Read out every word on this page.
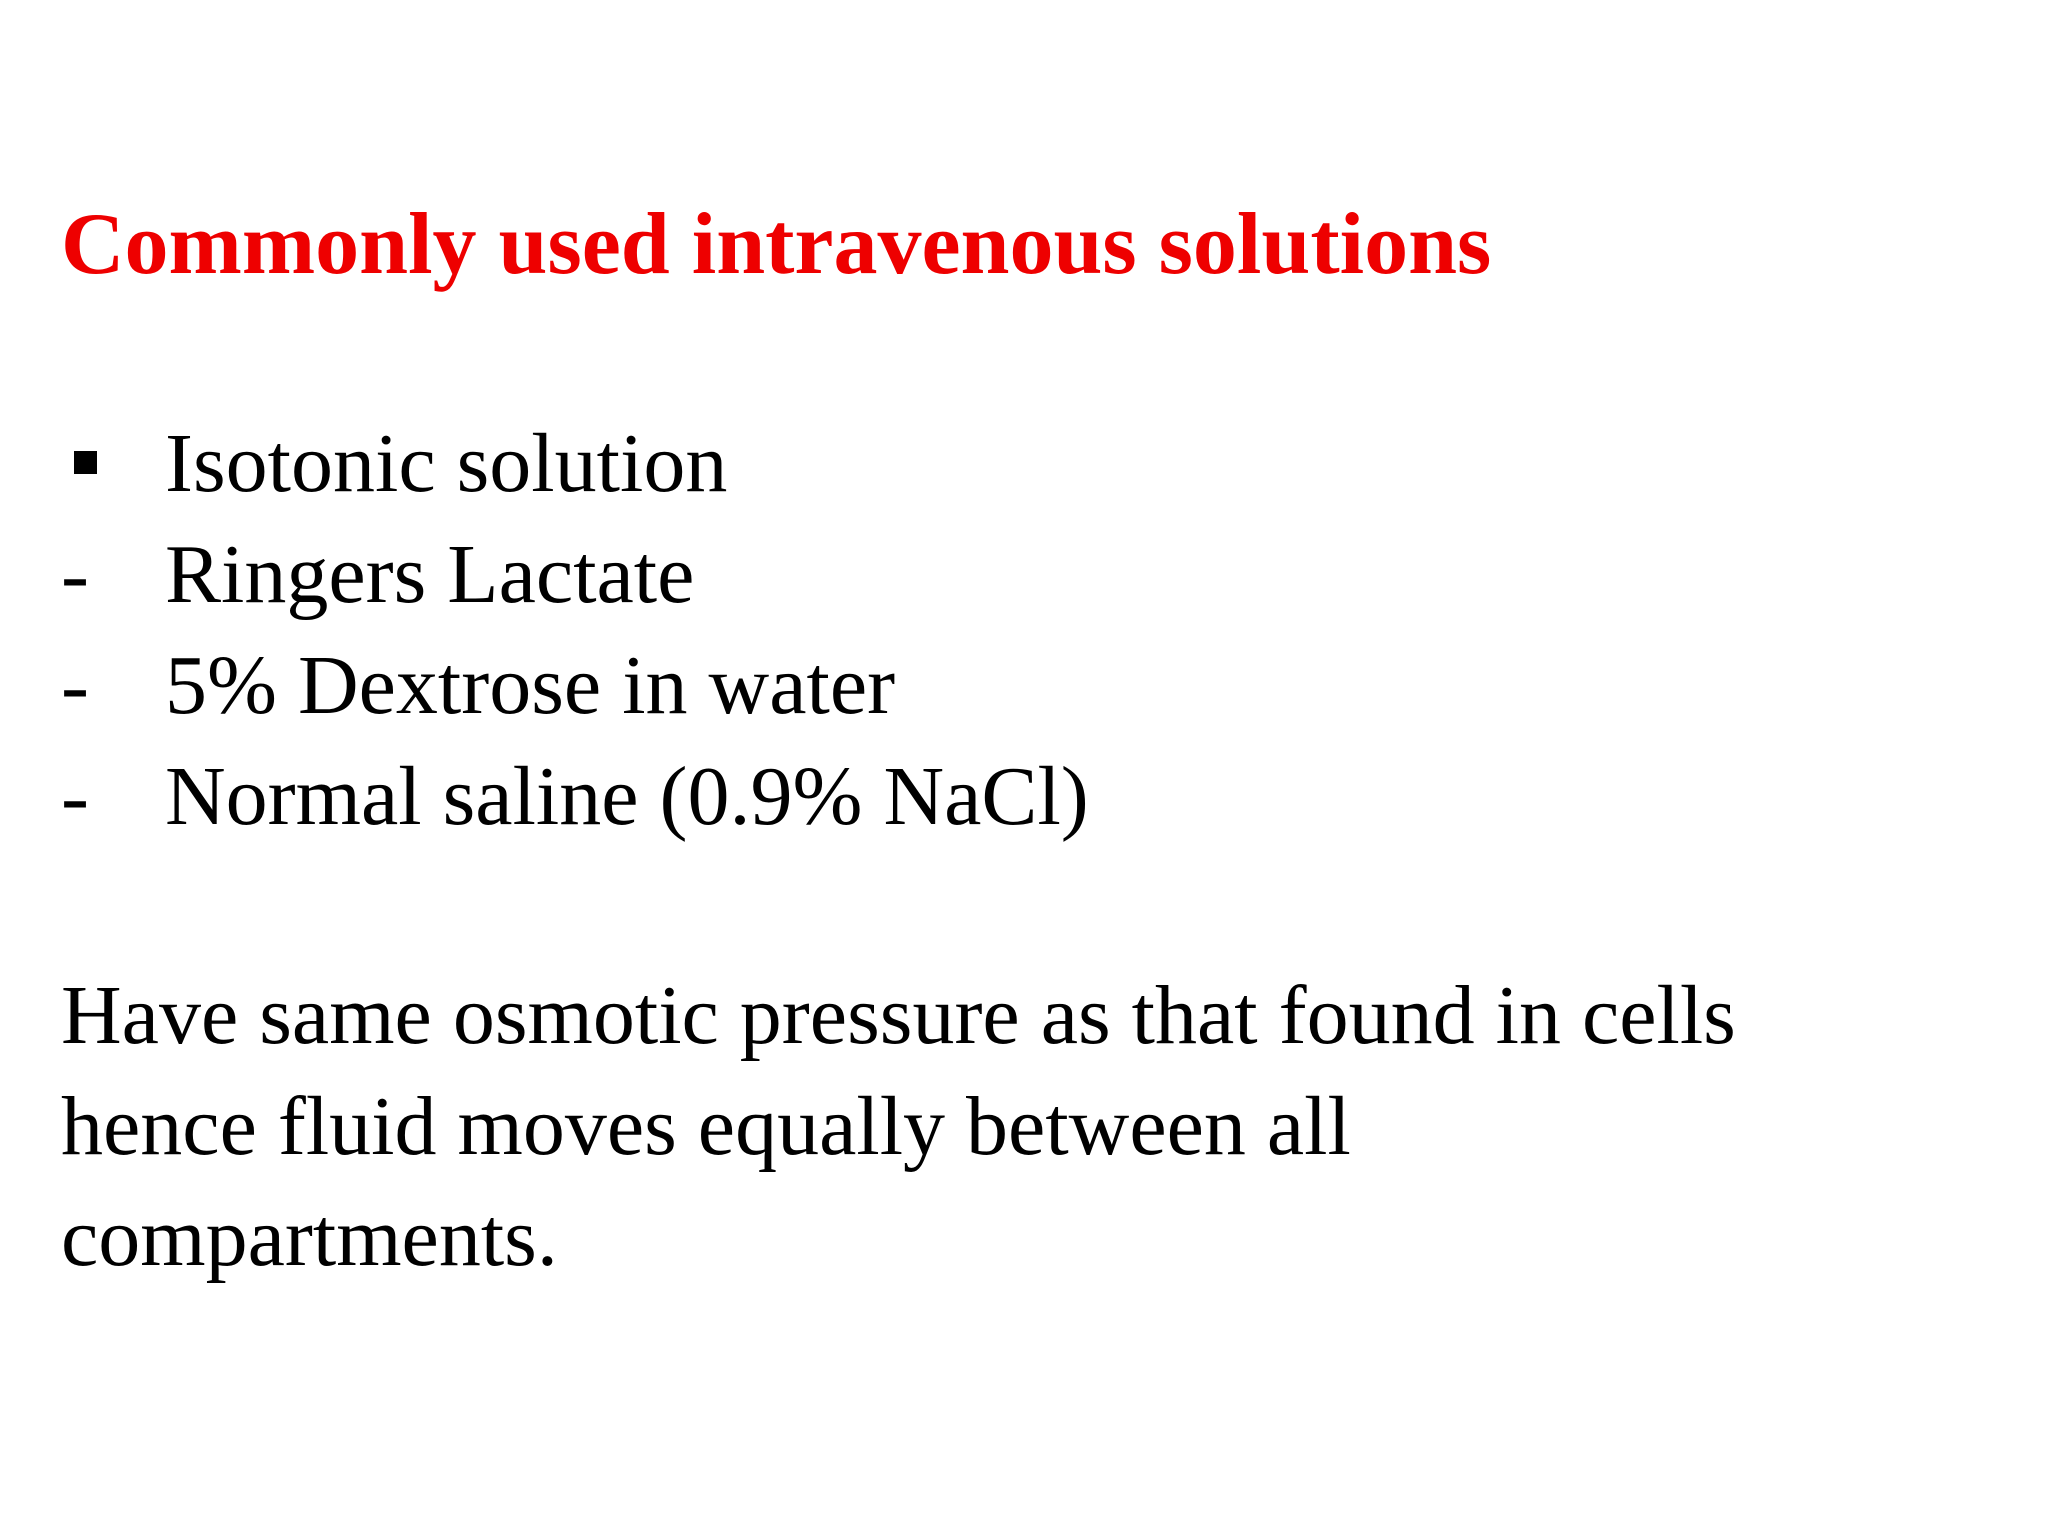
Commonly used intravenous solutions
Isotonic solution
- Ringers Lactate
- 5% Dextrose in water
- Normal saline (0.9% NaCl)

Have same osmotic pressure as that found in cells
hence fluid moves equally between all
compartments.
